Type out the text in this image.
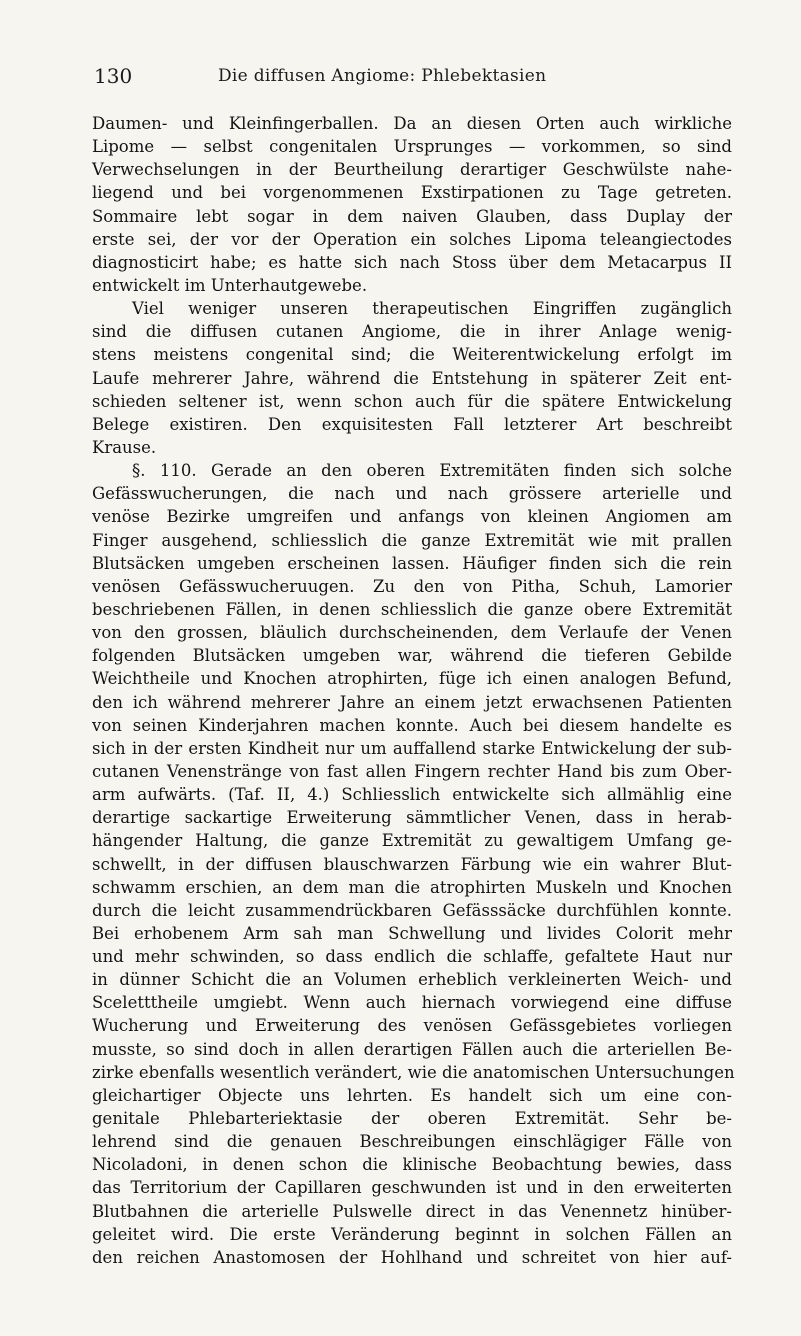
130	Die diffusen Angiome: Phlebektasien
Daumen- und Kleinfingerballen. Da an diesen Orten auch wirkliche
Lipome — selbst congenitalen Ursprunges — vorkommen, so sind
Verwechselungen in der Beurtheilung derartiger Geschwülste nahe-
liegend und bei vorgenommenen Exstirpationen zu Tage getreten.
Sommaire lebt sogar in dem naiven Glauben, dass Duplay der
erste sei, der vor der Operation ein solches Lipoma teleangiectodes
diagnosticirt habe; es hatte sich nach Stoss über dem Metacarpus II
entwickelt im Unterhautgewebe.
Viel weniger unseren therapeutischen Eingriffen zugänglich
sind die diffusen cutanen Angiome, die in ihrer Anlage wenig-
stens meistens congenital sind; die Weiterentwickelung erfolgt im
Laufe mehrerer Jahre, während die Entstehung in späterer Zeit ent-
schieden seltener ist, wenn schon auch für die spätere Entwickelung
Belege existiren. Den exquisitesten Fall letzterer Art beschreibt
Krause.
§. 110. Gerade an den oberen Extremitäten finden sich solche
Gefässwucherungen, die nach und nach grössere arterielle und
venöse Bezirke umgreifen und anfangs von kleinen Angiomen am
Finger ausgehend, schliesslich die ganze Extremität wie mit prallen
Blutsäcken umgeben erscheinen lassen. Häufiger finden sich die rein
venösen Gefässwucheruugen. Zu den von Pitha, Schuh, Lamorier
beschriebenen Fällen, in denen schliesslich die ganze obere Extremität
von den grossen, bläulich durchscheinenden, dem Verlaufe der Venen
folgenden Blutsäcken umgeben war, während die tieferen Gebilde
Weichtheile und Knochen atrophirten, füge ich einen analogen Befund,
den ich während mehrerer Jahre an einem jetzt erwachsenen Patienten
von seinen Kinderjahren machen konnte. Auch bei diesem handelte es
sich in der ersten Kindheit nur um auffallend starke Entwickelung der sub-
cutanen Venenstränge von fast allen Fingern rechter Hand bis zum Ober-
arm aufwärts. (Taf. II, 4.) Schliesslich entwickelte sich allmählig eine
derartige sackartige Erweiterung sämmtlicher Venen, dass in herab-
hängender Haltung, die ganze Extremität zu gewaltigem Umfang ge-
schwellt, in der diffusen blauschwarzen Färbung wie ein wahrer Blut-
schwamm erschien, an dem man die atrophirten Muskeln und Knochen
durch die leicht zusammendrückbaren Gefässsäcke durchfühlen konnte.
Bei erhobenem Arm sah man Schwellung und livides Colorit mehr
und mehr schwinden, so dass endlich die schlaffe, gefaltete Haut nur
in dünner Schicht die an Volumen erheblich verkleinerten Weich- und
Sceletttheile umgiebt. Wenn auch hiernach vorwiegend eine diffuse
Wucherung und Erweiterung des venösen Gefässgebietes vorliegen
musste, so sind doch in allen derartigen Fällen auch die arteriellen Be-
zirke ebenfalls wesentlich verändert, wie die anatomischen Untersuchungen
gleichartiger Objecte uns lehrten. Es handelt sich um eine con-
genitale Phlebarteriektasie der oberen Extremität. Sehr be-
lehrend sind die genauen Beschreibungen einschlägiger Fälle von
Nicoladoni, in denen schon die klinische Beobachtung bewies, dass
das Territorium der Capillaren geschwunden ist und in den erweiterten
Blutbahnen die arterielle Pulswelle direct in das Venennetz hinüber-
geleitet wird. Die erste Veränderung beginnt in solchen Fällen an
den reichen Anastomosen der Hohlhand und schreitet von hier auf-
